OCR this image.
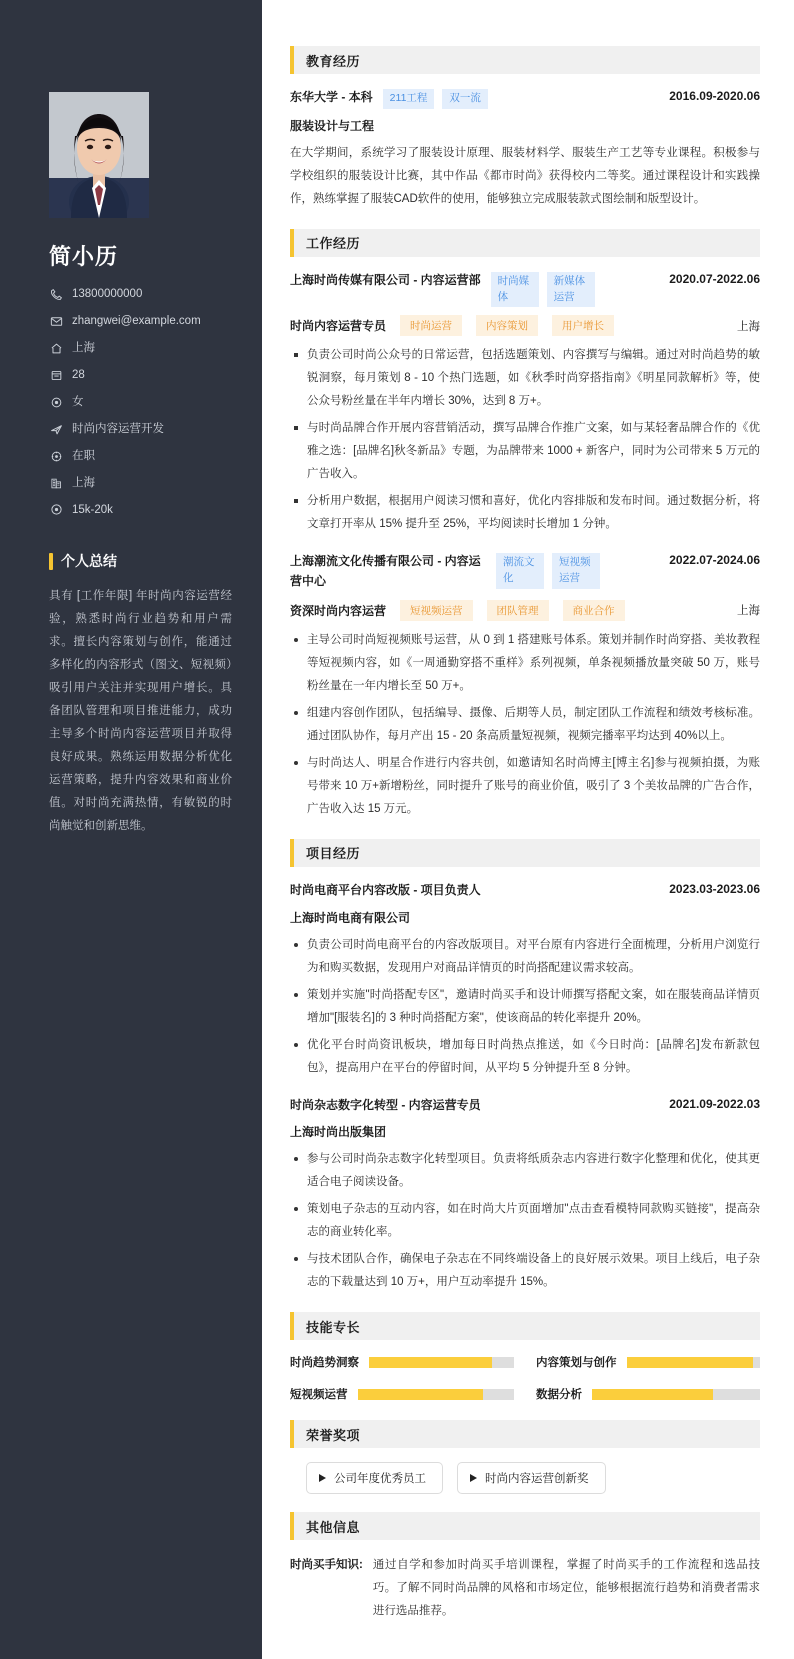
简小历
13800000000
zhangwei@example.com
上海
28
女
时尚内容运营开发
在职
上海
15k-20k
个人总结

具有 [工作年限] 年时尚内容运营经验，熟悉时尚行业趋势和用户需求。擅长内容策划与创作，能通过多样化的内容形式（图文、短视频）吸引用户关注并实现用户增长。具备团队管理和项目推进能力，成功主导多个时尚内容运营项目并取得良好成果。熟练运用数据分析优化运营策略，提升内容效果和商业价值。对时尚充满热情，有敏锐的时尚触觉和创新思维。

教育经历
东华大学 - 本科	211工程	双一流	2016.09-2020.06
服装设计与工程

在大学期间，系统学习了服装设计原理、服装材料学、服装生产工艺等专业课程。积极参与学校组织的服装设计比赛，其中作品《都市时尚》获得校内二等奖。通过课程设计和实践操作，熟练掌握了服装CAD软件的使用，能够独立完成服装款式图绘制和版型设计。

工作经历
上海时尚传媒有限公司 - 内容运营部	时尚媒体
新媒体运营
2020.07-2022.06
时尚内容运营专员	时尚运营	内容策划	用户增长	上海
负责公司时尚公众号的日常运营，包括选题策划、内容撰写与编辑。通过对时尚趋势的敏锐洞察，每月策划 8 - 10 个热门选题，如《秋季时尚穿搭指南》《明星同款解析》等，使公众号粉丝量在半年内增长 30%，达到 8 万+。
与时尚品牌合作开展内容营销活动，撰写品牌合作推广文案，如与某轻奢品牌合作的《优雅之选：[品牌名]秋冬新品》专题，为品牌带来 1000 + 新客户，同时为公司带来 5 万元的广告收入。
分析用户数据，根据用户阅读习惯和喜好，优化内容排版和发布时间。通过数据分析，将文章打开率从 15% 提升至 25%，平均阅读时长增加 1 分钟。
上海潮流文化传播有限公司 - 内容运营中心
潮流文化
短视频运营
2022.07-2024.06
资深时尚内容运营	短视频运营	团队管理	商业合作	上海
主导公司时尚短视频账号运营，从 0 到 1 搭建账号体系。策划并制作时尚穿搭、美妆教程等短视频内容，如《一周通勤穿搭不重样》系列视频，单条视频播放量突破 50 万，账号粉丝量在一年内增长至 50 万+。
组建内容创作团队，包括编导、摄像、后期等人员，制定团队工作流程和绩效考核标准。通过团队协作，每月产出 15 - 20 条高质量短视频，视频完播率平均达到 40%以上。
与时尚达人、明星合作进行内容共创，如邀请知名时尚博主[博主名]参与视频拍摄，为账号带来 10 万+新增粉丝，同时提升了账号的商业价值，吸引了 3 个美妆品牌的广告合作，广告收入达 15 万元。
项目经历
时尚电商平台内容改版 - 项目负责人	2023.03-2023.06
上海时尚电商有限公司
负责公司时尚电商平台的内容改版项目。对平台原有内容进行全面梳理，分析用户浏览行为和购买数据，发现用户对商品详情页的时尚搭配建议需求较高。
策划并实施"时尚搭配专区"，邀请时尚买手和设计师撰写搭配文案，如在服装商品详情页增加"[服装名]的 3 种时尚搭配方案"，使该商品的转化率提升 20%。
优化平台时尚资讯板块，增加每日时尚热点推送，如《今日时尚：[品牌名]发布新款包包》，提高用户在平台的停留时间，从平均 5 分钟提升至 8 分钟。
时尚杂志数字化转型 - 内容运营专员	2021.09-2022.03
上海时尚出版集团
参与公司时尚杂志数字化转型项目。负责将纸质杂志内容进行数字化整理和优化，使其更适合电子阅读设备。
策划电子杂志的互动内容，如在时尚大片页面增加"点击查看模特同款购买链接"，提高杂志的商业转化率。
与技术团队合作，确保电子杂志在不同终端设备上的良好展示效果。项目上线后，电子杂志的下载量达到 10 万+，用户互动率提升 15%。
技能专长
时尚趋势洞察	内容策划与创作
短视频运营	数据分析
荣誉奖项
公司年度优秀员工	时尚内容运营创新奖
其他信息
时尚买手知识: 通过自学和参加时尚买手培训课程，掌握了时尚买手的工作流程和选品技巧。了解不同时尚品牌的风格和市场定位，能够根据流行趋势和消费者需求进行选品推荐。
